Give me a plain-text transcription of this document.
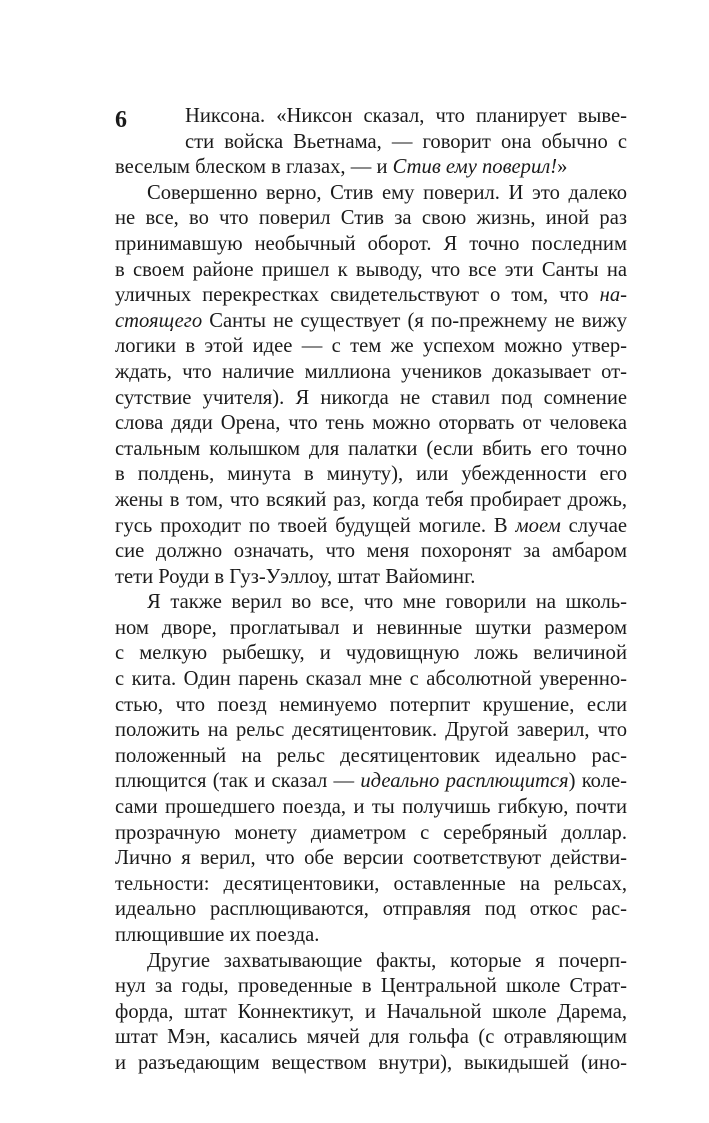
6	Никсона. «Никсон сказал, что планирует выве-
сти войска Вьетнама, — говорит она обычно с
веселым блеском в глазах, — и Стив ему поверил!»
Совершенно верно, Стив ему поверил. И это далеко
не все, во что поверил Стив за свою жизнь, иной раз
принимавшую необычный оборот. Я точно последним
в своем районе пришел к выводу, что все эти Санты на
уличных перекрестках свидетельствуют о том, что на-
стоящего Санты не существует (я по-прежнему не вижу
логики в этой идее — с тем же успехом можно утвер-
ждать, что наличие миллиона учеников доказывает от-
сутствие учителя). Я никогда не ставил под сомнение
слова дяди Орена, что тень можно оторвать от человека
стальным колышком для палатки (если вбить его точно
в полдень, минута в минуту), или убежденности его
жены в том, что всякий раз, когда тебя пробирает дрожь,
гусь проходит по твоей будущей могиле. В моем случае
сие должно означать, что меня похоронят за амбаром
тети Роуди в Гуз-Уэллоу, штат Вайоминг.
Я также верил во все, что мне говорили на школь-
ном дворе, проглатывал и невинные шутки размером
с мелкую рыбешку, и чудовищную ложь величиной
с кита. Один парень сказал мне с абсолютной уверенно-
стью, что поезд неминуемо потерпит крушение, если
положить на рельс десятицентовик. Другой заверил, что
положенный на рельс десятицентовик идеально рас-
плющится (так и сказал — идеально расплющится) коле-
сами прошедшего поезда, и ты получишь гибкую, почти
прозрачную монету диаметром с серебряный доллар.
Лично я верил, что обе версии соответствуют действи-
тельности: десятицентовики, оставленные на рельсах,
идеально расплющиваются, отправляя под откос рас-
плющившие их поезда.
Другие захватывающие факты, которые я почерп-
нул за годы, проведенные в Центральной школе Страт-
форда, штат Коннектикут, и Начальной школе Дарема,
штат Мэн, касались мячей для гольфа (с отравляющим
и разъедающим веществом внутри), выкидышей (ино-
